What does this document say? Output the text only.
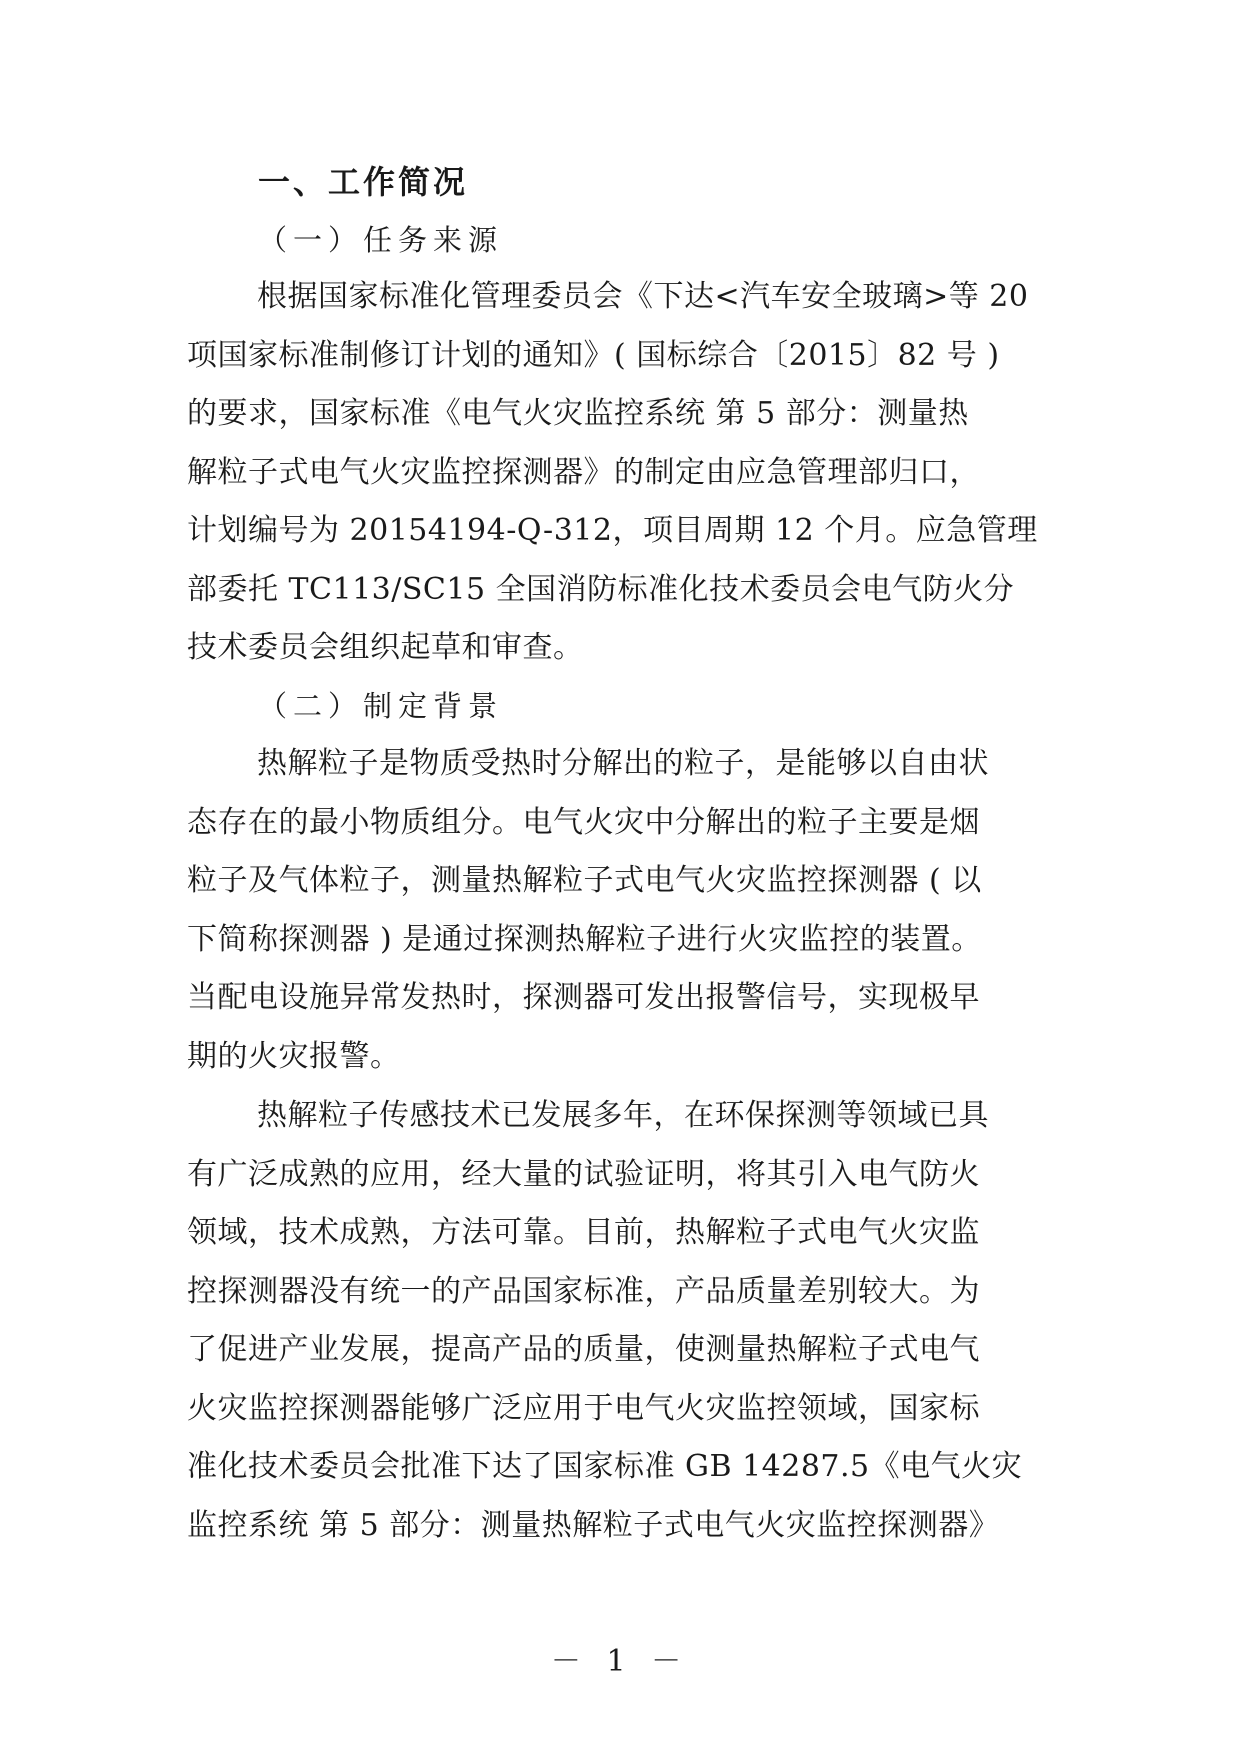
一、工作简况
（一）任务来源
根据国家标准化管理委员会《下达<汽车安全玻璃>等 20
项国家标准制修订计划的通知》( 国标综合〔2015〕82 号 )
的要求，国家标准《电气火灾监控系统 第 5 部分：测量热
解粒子式电气火灾监控探测器》的制定由应急管理部归口，
计划编号为 20154194-Q-312，项目周期 12 个月。应急管理
部委托 TC113/SC15 全国消防标准化技术委员会电气防火分
技术委员会组织起草和审查。
（二）制定背景
热解粒子是物质受热时分解出的粒子，是能够以自由状
态存在的最小物质组分。电气火灾中分解出的粒子主要是烟
粒子及气体粒子，测量热解粒子式电气火灾监控探测器 ( 以
下简称探测器 ) 是通过探测热解粒子进行火灾监控的装置。
当配电设施异常发热时，探测器可发出报警信号，实现极早
期的火灾报警。
热解粒子传感技术已发展多年，在环保探测等领域已具
有广泛成熟的应用，经大量的试验证明，将其引入电气防火
领域，技术成熟，方法可靠。目前，热解粒子式电气火灾监
控探测器没有统一的产品国家标准，产品质量差别较大。为
了促进产业发展，提高产品的质量，使测量热解粒子式电气
火灾监控探测器能够广泛应用于电气火灾监控领域，国家标
准化技术委员会批准下达了国家标准 GB 14287.5《电气火灾
监控系统 第 5 部分：测量热解粒子式电气火灾监控探测器》
－ 1 －
